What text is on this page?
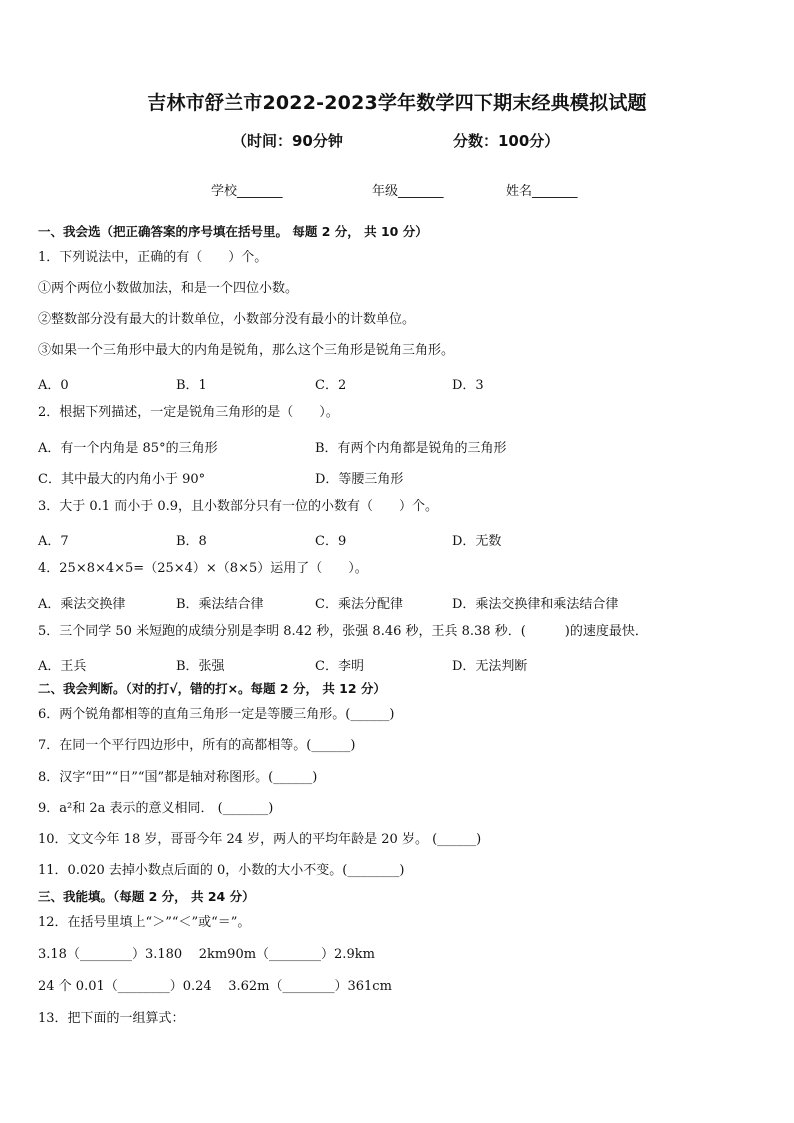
吉林市舒兰市2022-2023学年数学四下期末经典模拟试题
（时间：90分钟	分数：100分）
学校_______	年级_______	姓名_______
一、我会选（把正确答案的序号填在括号里。 每题 2 分， 共 10 分）
1．下列说法中，正确的有（　　）个。
①两个两位小数做加法，和是一个四位小数。
②整数部分没有最大的计数单位，小数部分没有最小的计数单位。
③如果一个三角形中最大的内角是锐角，那么这个三角形是锐角三角形。
A．0	B．1	C．2	D．3
2．根据下列描述，一定是锐角三角形的是（　　）。
A．有一个内角是 85°的三角形	B．有两个内角都是锐角的三角形
C．其中最大的内角小于 90°	D．等腰三角形
3．大于 0.1 而小于 0.9，且小数部分只有一位的小数有（　　）个。
A．7	B．8	C．9	D．无数
4．25×8×4×5=（25×4）×（8×5）运用了（　　）。
A．乘法交换律	B．乘法结合律	C．乘法分配律	D．乘法交换律和乘法结合律
5．三个同学 50 米短跑的成绩分别是李明 8.42 秒，张强 8.46 秒，王兵 8.38 秒．(　　　)的速度最快．
A．王兵	B．张强	C．李明	D．无法判断
二、我会判断。（对的打√，错的打×。每题 2 分， 共 12 分）
6．两个锐角都相等的直角三角形一定是等腰三角形。(______)
7．在同一个平行四边形中，所有的高都相等。(______)
8．汉字“田”“日”“国”都是轴对称图形。(______)
9．a²和 2a 表示的意义相同． (_______)
10．文文今年 18 岁，哥哥今年 24 岁，两人的平均年龄是 20 岁。 (______)
11．0.020 去掉小数点后面的 0，小数的大小不变。(________)
三、我能填。（每题 2 分， 共 24 分）
12．在括号里填上“＞”“＜”或“＝”。
3.18（________）3.180    2km90m（________）2.9km
24 个 0.01（________）0.24    3.62m（________）361cm
13．把下面的一组算式：
